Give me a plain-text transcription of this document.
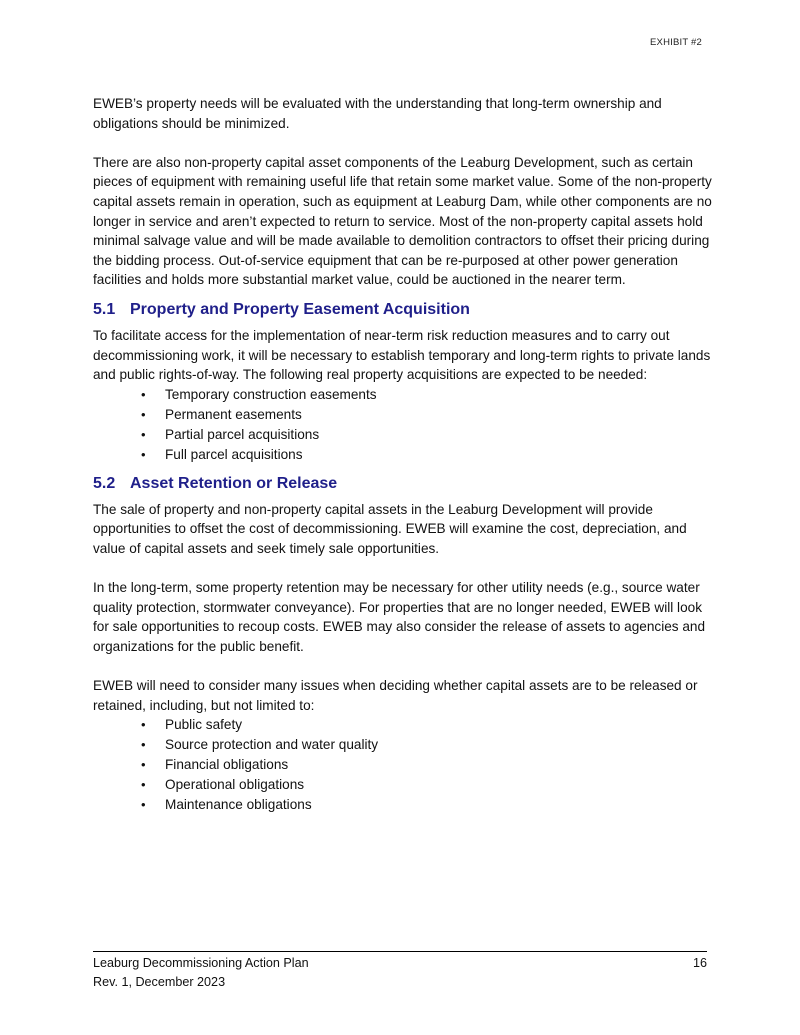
EXHIBIT #2

EWEB’s property needs will be evaluated with the understanding that long-term ownership and obligations should be minimized.

There are also non-property capital asset components of the Leaburg Development, such as certain pieces of equipment with remaining useful life that retain some market value. Some of the non-property capital assets remain in operation, such as equipment at Leaburg Dam, while other components are no longer in service and aren’t expected to return to service. Most of the non-property capital assets hold minimal salvage value and will be made available to demolition contractors to offset their pricing during the bidding process. Out-of-service equipment that can be re-purposed at other power generation facilities and holds more substantial market value, could be auctioned in the nearer term.

5.1 Property and Property Easement Acquisition

To facilitate access for the implementation of near-term risk reduction measures and to carry out decommissioning work, it will be necessary to establish temporary and long-term rights to private lands and public rights-of-way. The following real property acquisitions are expected to be needed:

• Temporary construction easements
• Permanent easements
• Partial parcel acquisitions
• Full parcel acquisitions
5.2 Asset Retention or Release

The sale of property and non-property capital assets in the Leaburg Development will provide opportunities to offset the cost of decommissioning. EWEB will examine the cost, depreciation, and value of capital assets and seek timely sale opportunities.

In the long-term, some property retention may be necessary for other utility needs (e.g., source water quality protection, stormwater conveyance). For properties that are no longer needed, EWEB will look for sale opportunities to recoup costs. EWEB may also consider the release of assets to agencies and organizations for the public benefit.

EWEB will need to consider many issues when deciding whether capital assets are to be released or retained, including, but not limited to:

• Public safety
• Source protection and water quality
• Financial obligations
• Operational obligations
• Maintenance obligations
Leaburg Decommissioning Action Plan	16
Rev. 1, December 2023
